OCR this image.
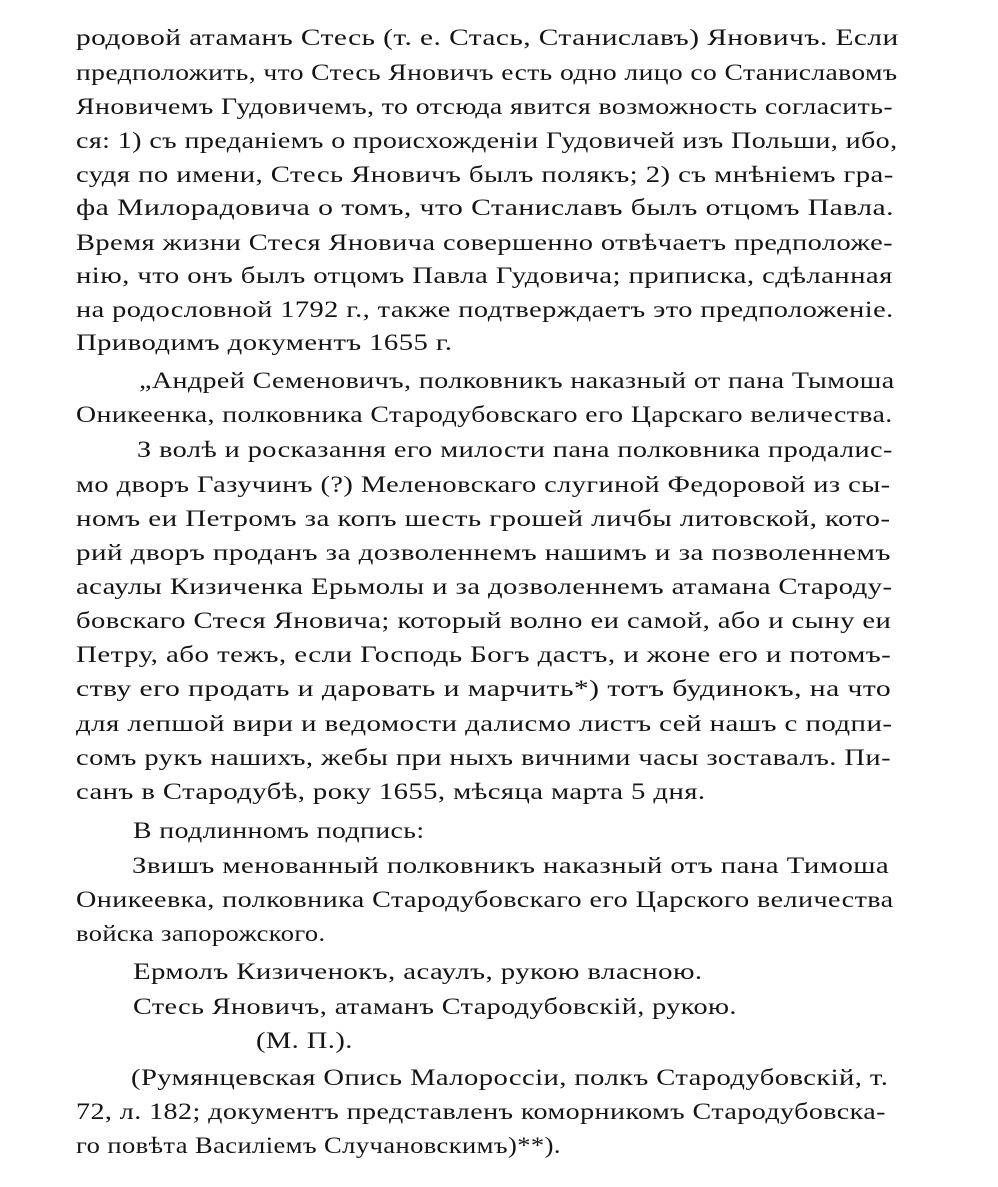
родовой атаманъ Стесь (т. е. Стась, Станиславъ) Яновичъ. Если
предположить, что Стесь Яновичъ есть одно лицо со Станиславомъ
Яновичемъ Гудовичемъ, то отсюда явится возможность согласить-
ся: 1) съ преданіемъ о происхожденіи Гудовичей изъ Польши, ибо,
судя по имени, Стесь Яновичъ былъ полякъ; 2) съ мнѣніемъ гра-
фа Милорадовича о томъ, что Станиславъ былъ отцомъ Павла.
Время жизни Стеся Яновича совершенно отвѣчаетъ предположе-
нію, что онъ былъ отцомъ Павла Гудовича; приписка, сдѣланная
на родословной 1792 г., также подтверждаетъ это предположеніе.
Приводимъ документъ 1655 г.
„Андрей Семеновичъ, полковникъ наказный от пана Тымоша
Оникеенка, полковника Стародубовскаго его Царскаго величества.
З волѣ и росказання его милости пана полковника продалис-
мо дворъ Газучинъ (?) Мелeновскаго слугиной Федоровой из сы-
номъ еи Петромъ за копъ шесть грошей личбы литовской, кото-
рий дворъ проданъ за дозволеннемъ нашимъ и за позволеннемъ
асаулы Кизиченка Ерьмолы и за дозволеннемъ атамана Староду-
бовскаго Стеся Яновича; который волно еи самой, або и сыну еи
Петру, або тежъ, если Господь Богъ дастъ, и жоне его и потомъ-
ству его продать и даровать и марчить*) тотъ будинокъ, на что
для лепшой вири и ведомости далисмо листъ сей нашъ с подпи-
сомъ рукъ нашихъ, жебы при ныхъ вичними часы зоставалъ. Пи-
санъ в Стародубѣ, року 1655, мѣсяца марта 5 дня.
В подлинномъ подпись:
Звишъ менованный полковникъ наказный отъ пана Тимоша
Оникеевка, полковника Стародубовскаго его Царского величества
войска запорожского.
Ермолъ Кизиченокъ, асаулъ, рукою власною.
Стесь Яновичъ, атаманъ Стародубовскій, рукою.
(М. П.).
(Румянцевская Опись Малороссіи, полкъ Стародубовскій, т.
72, л. 182; документъ представленъ коморникомъ Стародубовска-
го повѣта Василіемъ Случановскимъ)**).
